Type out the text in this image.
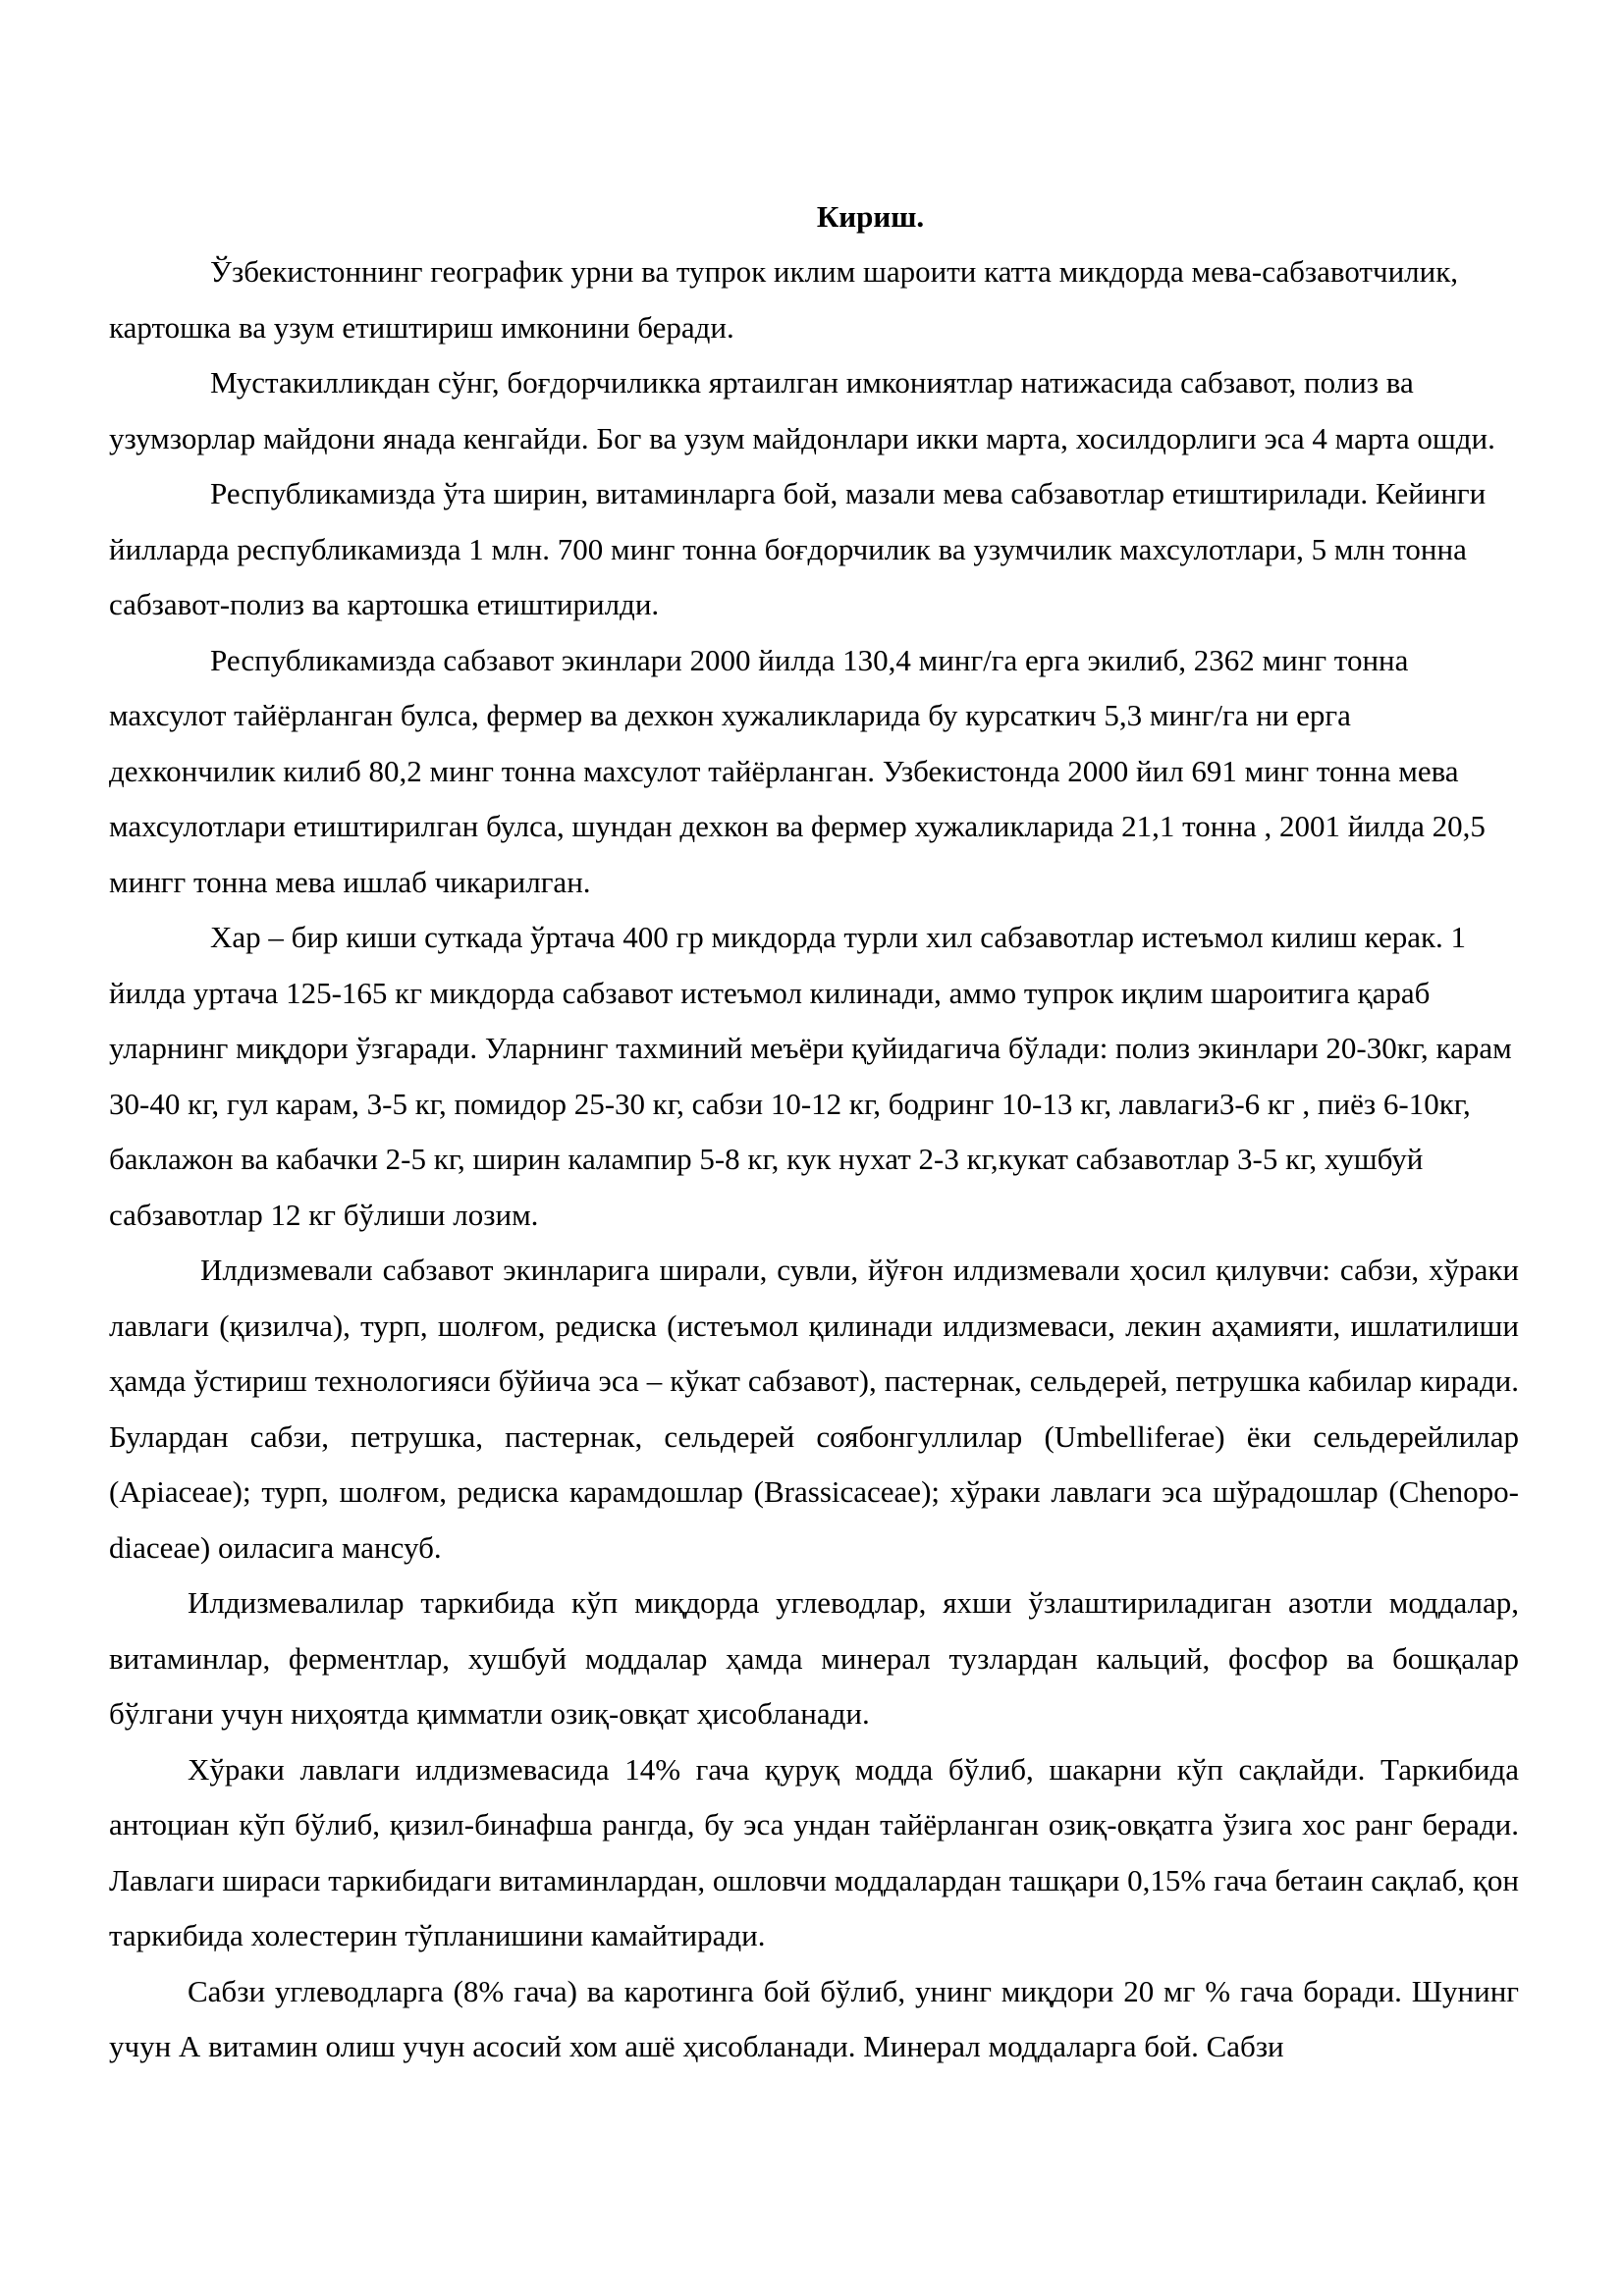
Кириш.

Ўзбекистоннинг географик урни ва тупрок иклим шароити катта микдорда мева-сабзавотчилик, картошка ва узум етиштириш имконини беради.

Мустакилликдан сўнг, боғдорчиликка яртаилган имкониятлар натижасида сабзавот, полиз ва узумзорлар майдони янада кенгайди. Бог ва узум майдонлари икки марта, хосилдорлиги эса 4 марта ошди.

Республикамизда ўта ширин, витаминларга бой, мазали мева сабзавотлар етиштирилади. Кейинги йилларда республикамизда 1 млн. 700 минг тонна боғдорчилик ва узумчилик махсулотлари, 5 млн тонна сабзавот-полиз ва картошка етиштирилди.

Республикамизда сабзавот экинлари 2000 йилда 130,4 минг/га ерга экилиб, 2362 минг тонна махсулот тайёрланган булса, фермер ва дехкон хужаликларида бу курсаткич 5,3 минг/га ни ерга дехкончилик килиб 80,2 минг тонна махсулот тайёрланган. Узбекистонда 2000 йил 691 минг тонна мева махсулотлари етиштирилган булса, шундан дехкон ва фермер хужаликларида 21,1 тонна , 2001 йилда 20,5 мингг тонна мева ишлаб чикарилган.

Хар – бир киши суткада ўртача 400 гр микдорда турли хил сабзавотлар истеъмол килиш керак. 1 йилда уртача 125-165 кг микдорда сабзавот истеъмол килинади, аммо тупрок иқлим шароитига қараб уларнинг миқдори ўзгаради. Уларнинг тахминий меъёри қуйидагича бўлади: полиз экинлари 20-30кг, карам 30-40 кг, гул карам, 3-5 кг, помидор 25-30 кг, сабзи 10-12 кг, бодринг 10-13 кг, лавлаги3-6 кг , пиёз 6-10кг, баклажон ва кабачки 2-5 кг, ширин калампир 5-8 кг, кук нухат 2-3 кг,кукат сабзавотлар 3-5 кг, хушбуй сабзавотлар 12 кг бўлиши лозим.

Илдизмевали сабзавот экинларига ширали, сувли, йўғон илдизмевали ҳосил қилувчи: сабзи, хўраки лавлаги (қизилча), турп, шолғом, редиска (истеъмол қилинади илдизмеваси, лекин аҳамияти, ишлатилиши ҳамда ўстириш технологияси бўйича эса – кўкат сабзавот), пастернак, сельдерей, петрушка кабилар киради. Булардан сабзи, петрушка, пастернак, сельдерей соябонгуллилар (Umbelliferae) ёки сельдерейлилар (Apiaceae); турп, шолғом, редиска карамдошлар (Brassicaceae); хўраки лавлаги эса шўрадошлар (Chenopo-diaceae) оиласига мансуб.

Илдизмевалилар таркибида кўп миқдорда углеводлар, яхши ўзлаштириладиган азотли моддалар, витаминлар, ферментлар, хушбуй моддалар ҳамда минерал тузлардан кальций, фосфор ва бошқалар бўлгани учун ниҳоятда қимматли озиқ-овқат ҳисобланади.

Хўраки лавлаги илдизмевасида 14% гача қуруқ модда бўлиб, шакарни кўп сақлайди. Таркибида антоциан кўп бўлиб, қизил-бинафша рангда, бу эса ундан тайёрланган озиқ-овқатга ўзига хос ранг беради. Лавлаги шираси таркибидаги витаминлардан, ошловчи моддалардан ташқари 0,15% гача бетаин сақлаб, қон таркибида холестерин тўпланишини камайтиради.

Сабзи углеводларга (8% гача) ва каротинга бой бўлиб, унинг миқдори 20 мг % гача боради. Шунинг учун А витамин олиш учун асосий хом ашё ҳисобланади. Минерал моддаларга бой. Сабзи
